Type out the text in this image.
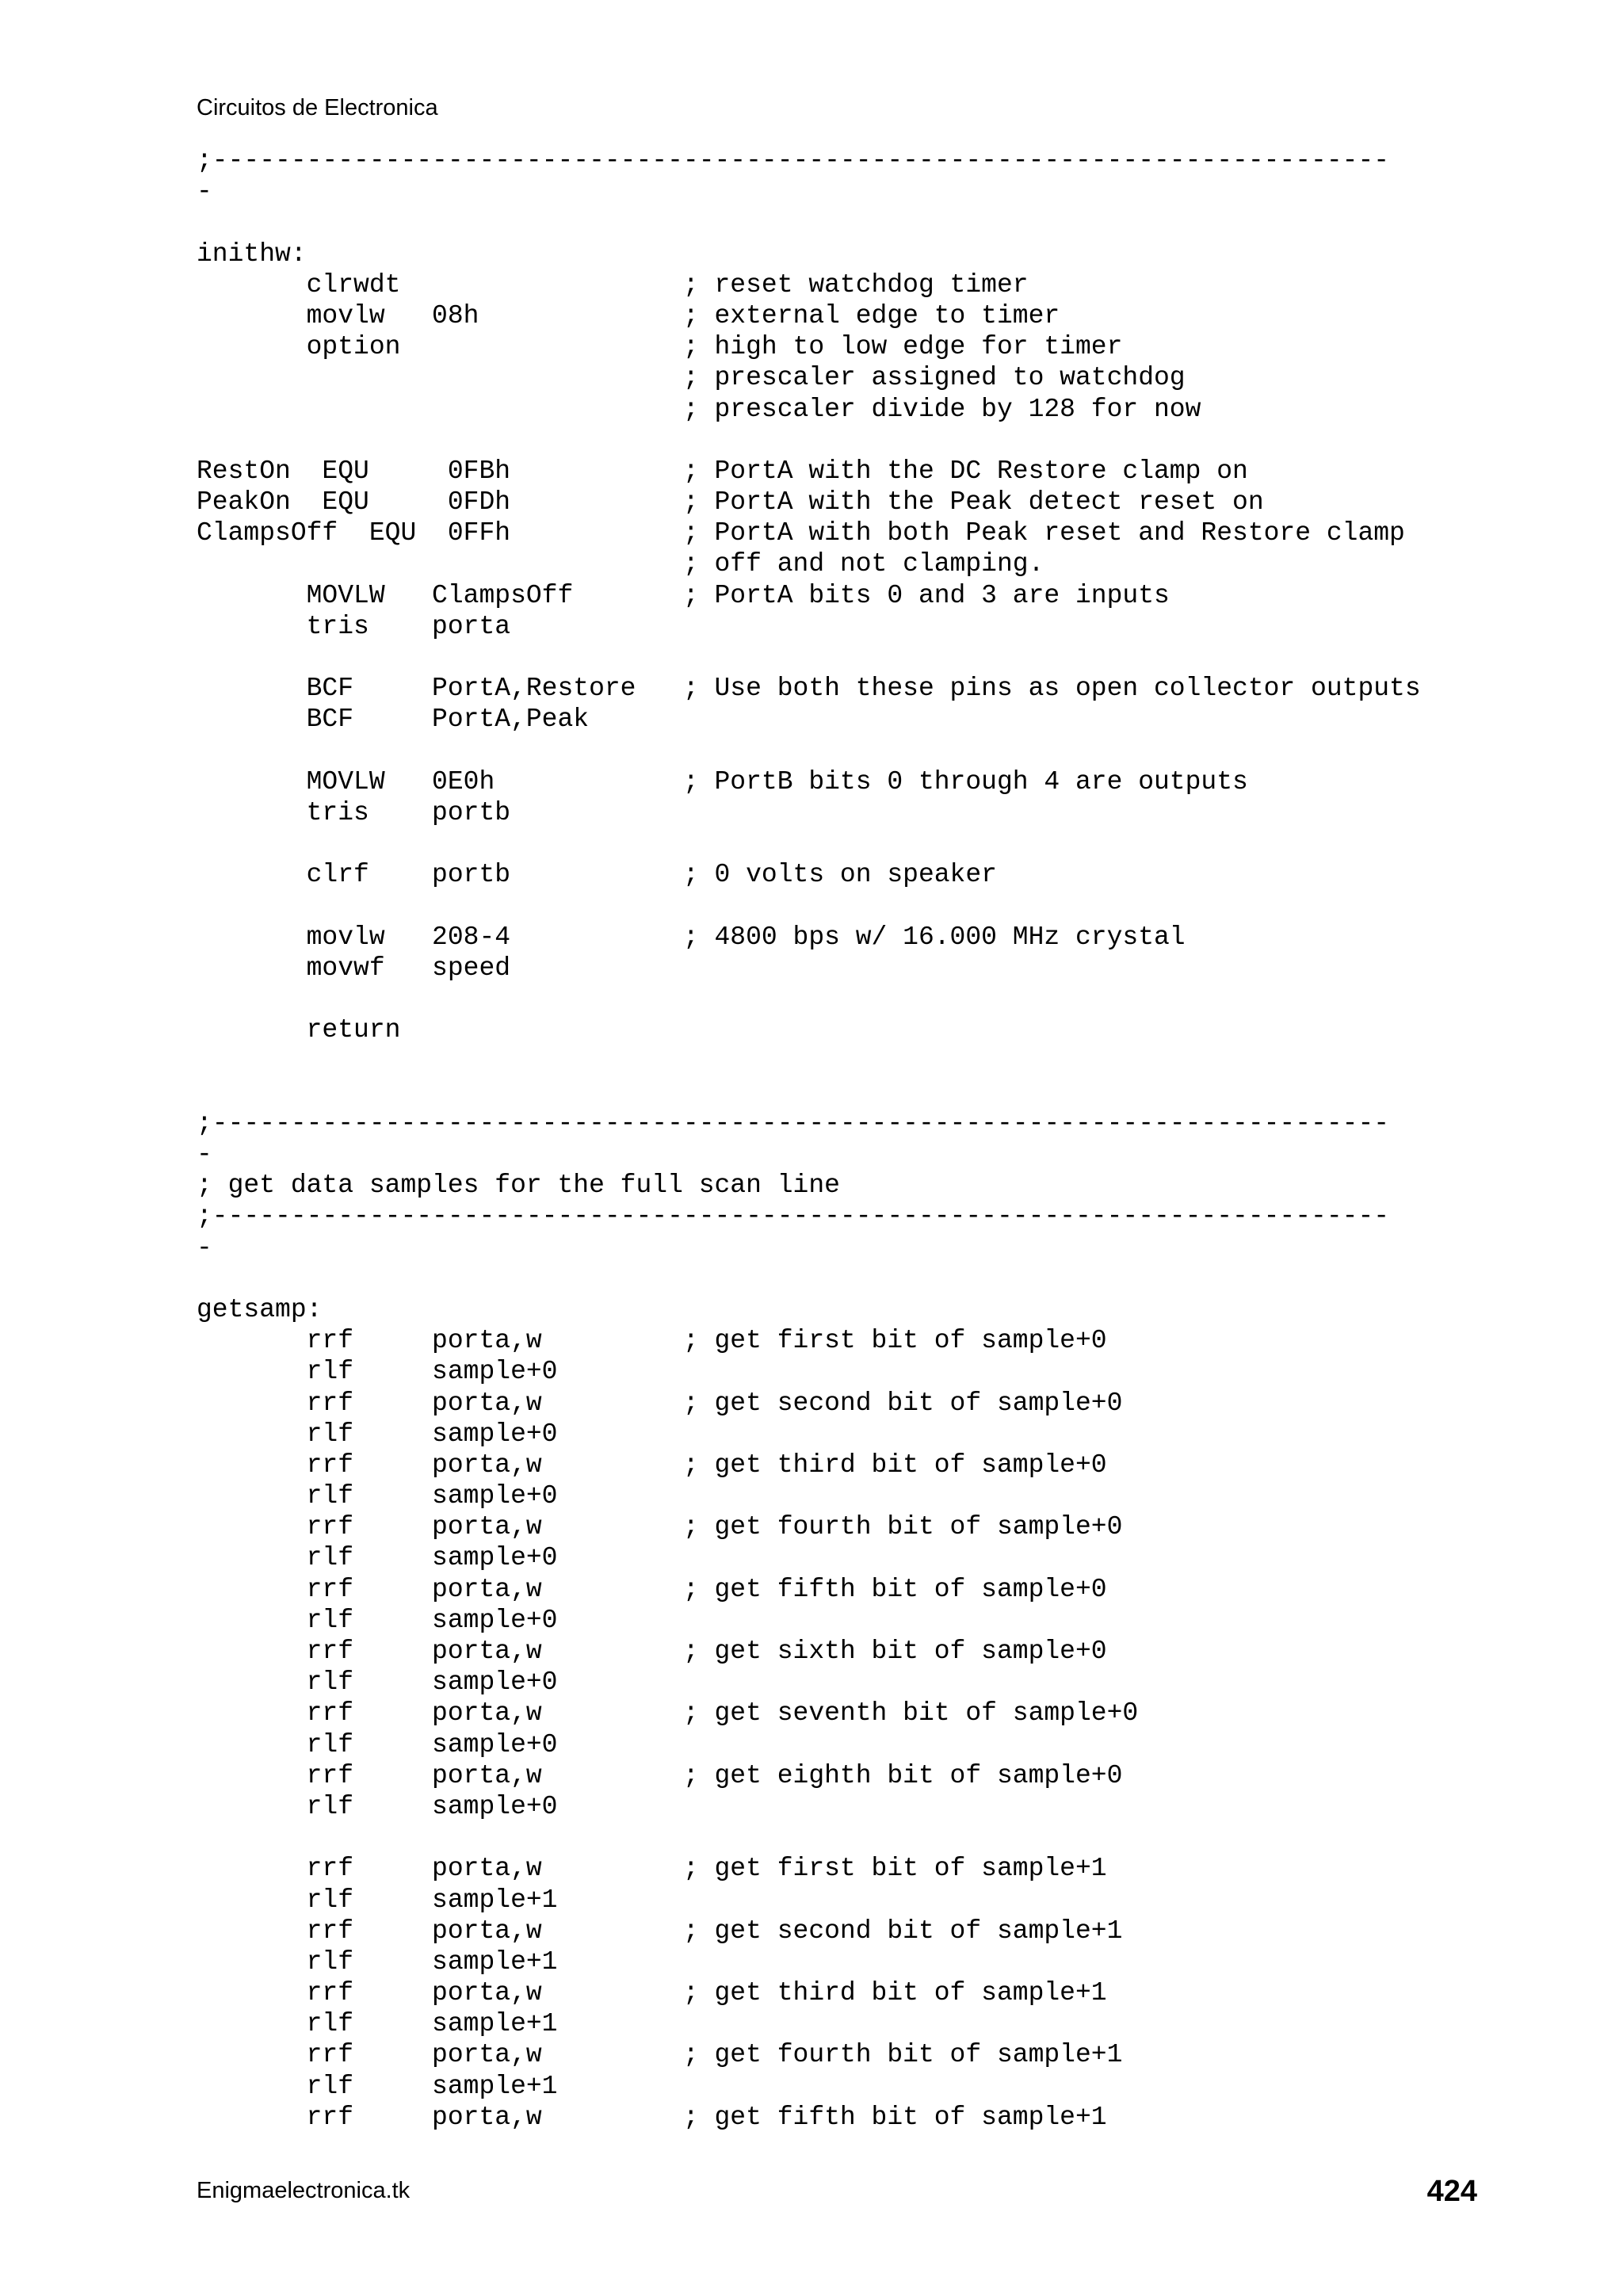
Circuitos de Electronica
;---------------------------------------------------------------------------
-
inithw:
clrwdt                  ; reset watchdog timer
movlw   08h             ; external edge to timer
option                  ; high to low edge for timer
; prescaler assigned to watchdog
; prescaler divide by 128 for now
RestOn  EQU     0FBh           ; PortA with the DC Restore clamp on
PeakOn  EQU     0FDh           ; PortA with the Peak detect reset on
ClampsOff  EQU  0FFh           ; PortA with both Peak reset and Restore clamp
; off and not clamping.
MOVLW   ClampsOff       ; PortA bits 0 and 3 are inputs
tris    porta
BCF     PortA,Restore   ; Use both these pins as open collector outputs
BCF     PortA,Peak
MOVLW   0E0h            ; PortB bits 0 through 4 are outputs
tris    portb
clrf    portb           ; 0 volts on speaker
movlw   208-4           ; 4800 bps w/ 16.000 MHz crystal
movwf   speed
return
;---------------------------------------------------------------------------
-
; get data samples for the full scan line
;---------------------------------------------------------------------------
-
getsamp:
rrf     porta,w         ; get first bit of sample+0
rlf     sample+0
rrf     porta,w         ; get second bit of sample+0
rlf     sample+0
rrf     porta,w         ; get third bit of sample+0
rlf     sample+0
rrf     porta,w         ; get fourth bit of sample+0
rlf     sample+0
rrf     porta,w         ; get fifth bit of sample+0
rlf     sample+0
rrf     porta,w         ; get sixth bit of sample+0
rlf     sample+0
rrf     porta,w         ; get seventh bit of sample+0
rlf     sample+0
rrf     porta,w         ; get eighth bit of sample+0
rlf     sample+0
rrf     porta,w         ; get first bit of sample+1
rlf     sample+1
rrf     porta,w         ; get second bit of sample+1
rlf     sample+1
rrf     porta,w         ; get third bit of sample+1
rlf     sample+1
rrf     porta,w         ; get fourth bit of sample+1
rlf     sample+1
rrf     porta,w         ; get fifth bit of sample+1
Enigmaelectronica.tk	424
